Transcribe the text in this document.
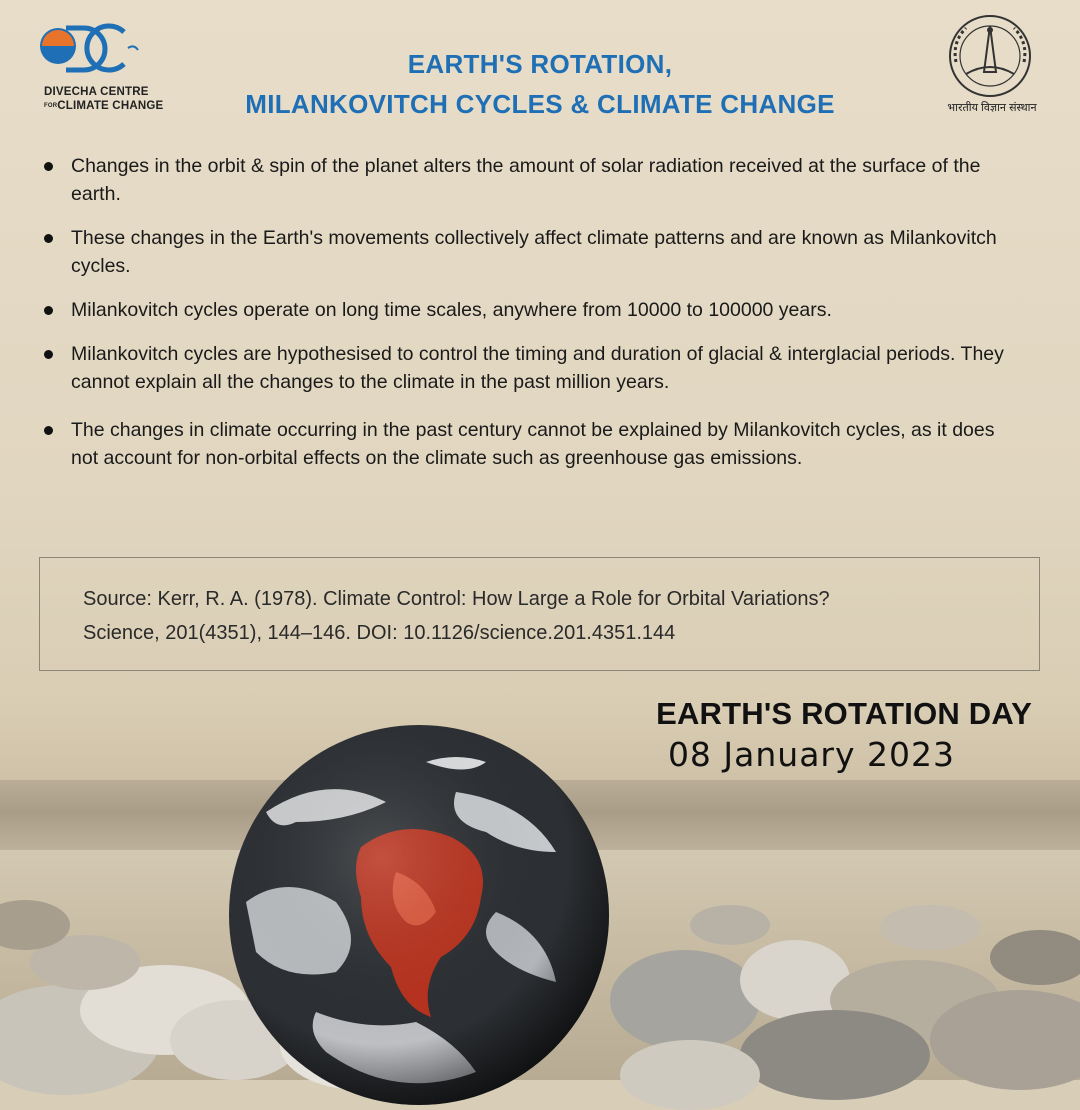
DIVECHA CENTRE
FORCLIMATE CHANGE	भारतीय विज्ञान संस्थान
EARTH'S ROTATION,
MILANKOVITCH CYCLES & CLIMATE CHANGE
Changes in the orbit & spin of the planet alters the amount of solar radiation received at the surface of the earth.
These changes in the Earth's movements collectively affect climate patterns and are known as Milankovitch cycles.
Milankovitch cycles operate on long time scales, anywhere from 10000 to 100000 years.
Milankovitch cycles are hypothesised to control the timing and duration of glacial & interglacial periods. They cannot explain all the changes to the climate in the past million years.
The changes in climate occurring in the past century cannot be explained by Milankovitch cycles, as it does not account for non-orbital effects on the climate such as greenhouse gas emissions.
Source: Kerr, R. A. (1978). Climate Control: How Large a Role for Orbital Variations?
Science, 201(4351), 144–146. DOI: 10.1126/science.201.4351.144
EARTH'S ROTATION DAY
08 January 2023
